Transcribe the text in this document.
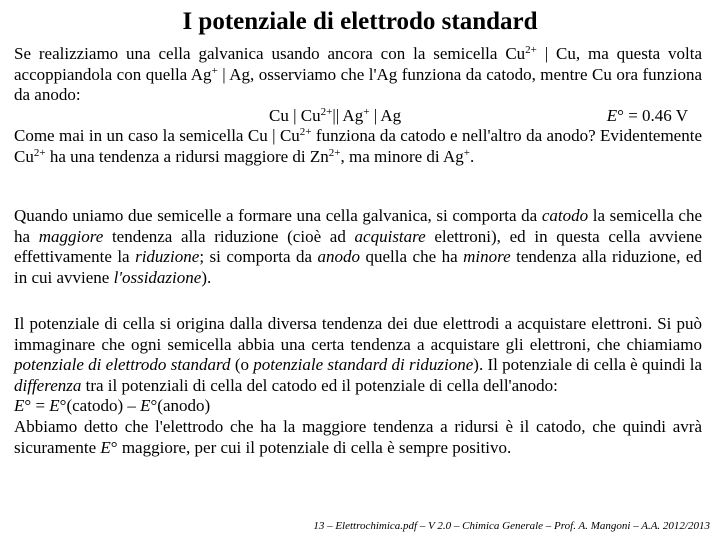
I potenziale di elettrodo standard
Se realizziamo una cella galvanica usando ancora con la semicella $Cu^{2+}$ | Cu, ma questa volta accoppiandola con quella Ag+ | Ag, osserviamo che l'Ag funziona da catodo, mentre Cu ora funziona da anodo:
Cu | $Cu^{2+}||$ Ag+ | Ag	E° = 0.46 V
Come mai in un caso la semicella Cu | $Cu^{2+}$ funziona da catodo e nell'altro da anodo? Evidentemente $Cu^{2+}$ ha una tendenza a ridursi maggiore di $Zn^{2+}$, ma minore di Ag+.
Quando uniamo due semicelle a formare una cella galvanica, si comporta da catodo la semicella che ha maggiore tendenza alla riduzione (cioè ad acquistare elettroni), ed in questa cella avviene effettivamente la riduzione; si comporta da anodo quella che ha minore tendenza alla riduzione, ed in cui avviene l'ossidazione).
Il potenziale di cella si origina dalla diversa tendenza dei due elettrodi a acquistare elettroni. Si può immaginare che ogni semicella abbia una certa tendenza a acquistare gli elettroni, che chiamiamo potenziale di elettrodo standard (o potenziale standard di riduzione). Il potenziale di cella è quindi la differenza tra il potenziali di cella del catodo ed il potenziale di cella dell'anodo:
E° = E°(catodo) – E°(anodo)
Abbiamo detto che l'elettrodo che ha la maggiore tendenza a ridursi è il catodo, che quindi avrà sicuramente E° maggiore, per cui il potenziale di cella è sempre positivo.
13 – Elettrochimica.pdf – V 2.0 – Chimica Generale – Prof. A. Mangoni – A.A. 2012/2013
